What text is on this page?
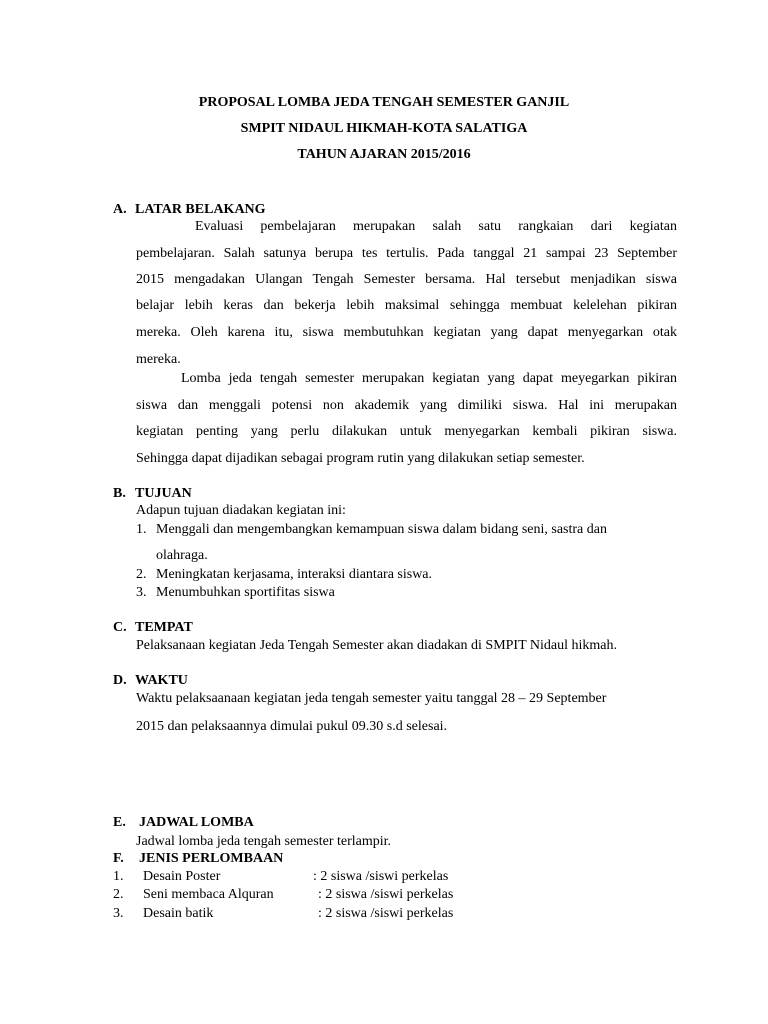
PROPOSAL LOMBA JEDA TENGAH SEMESTER GANJIL
SMPIT NIDAUL HIKMAH-KOTA SALATIGA
TAHUN AJARAN 2015/2016
A. LATAR BELAKANG
Evaluasi pembelajaran merupakan salah satu rangkaian dari kegiatan
pembelajaran. Salah satunya berupa tes tertulis. Pada tanggal 21 sampai 23 September
2015 mengadakan Ulangan Tengah Semester bersama. Hal tersebut menjadikan siswa
belajar lebih keras dan bekerja lebih maksimal sehingga membuat kelelehan pikiran
mereka. Oleh karena itu, siswa membutuhkan kegiatan yang dapat menyegarkan otak
mereka.
Lomba jeda tengah semester merupakan kegiatan yang dapat meyegarkan pikiran
siswa dan menggali potensi non akademik yang dimiliki siswa. Hal ini merupakan
kegiatan penting yang perlu dilakukan untuk menyegarkan kembali pikiran siswa.
Sehingga dapat dijadikan sebagai program rutin yang dilakukan setiap semester.
B. TUJUAN
Adapun tujuan diadakan kegiatan ini:
1. Menggali dan mengembangkan kemampuan siswa dalam bidang seni, sastra dan
olahraga.
2. Meningkatan kerjasama, interaksi diantara siswa.
3. Menumbuhkan sportifitas siswa
C. TEMPAT
Pelaksanaan kegiatan Jeda Tengah Semester akan diadakan di SMPIT Nidaul hikmah.
D. WAKTU
Waktu pelaksaanaan kegiatan jeda tengah semester yaitu tanggal 28 – 29 September
2015 dan pelaksaannya dimulai pukul 09.30 s.d selesai.
E. JADWAL LOMBA
Jadwal lomba jeda tengah semester terlampir.
F. JENIS PERLOMBAAN
1. Desain Poster	: 2 siswa /siswi perkelas
2. Seni membaca Alquran	: 2 siswa /siswi perkelas
3. Desain batik	: 2 siswa /siswi perkelas
